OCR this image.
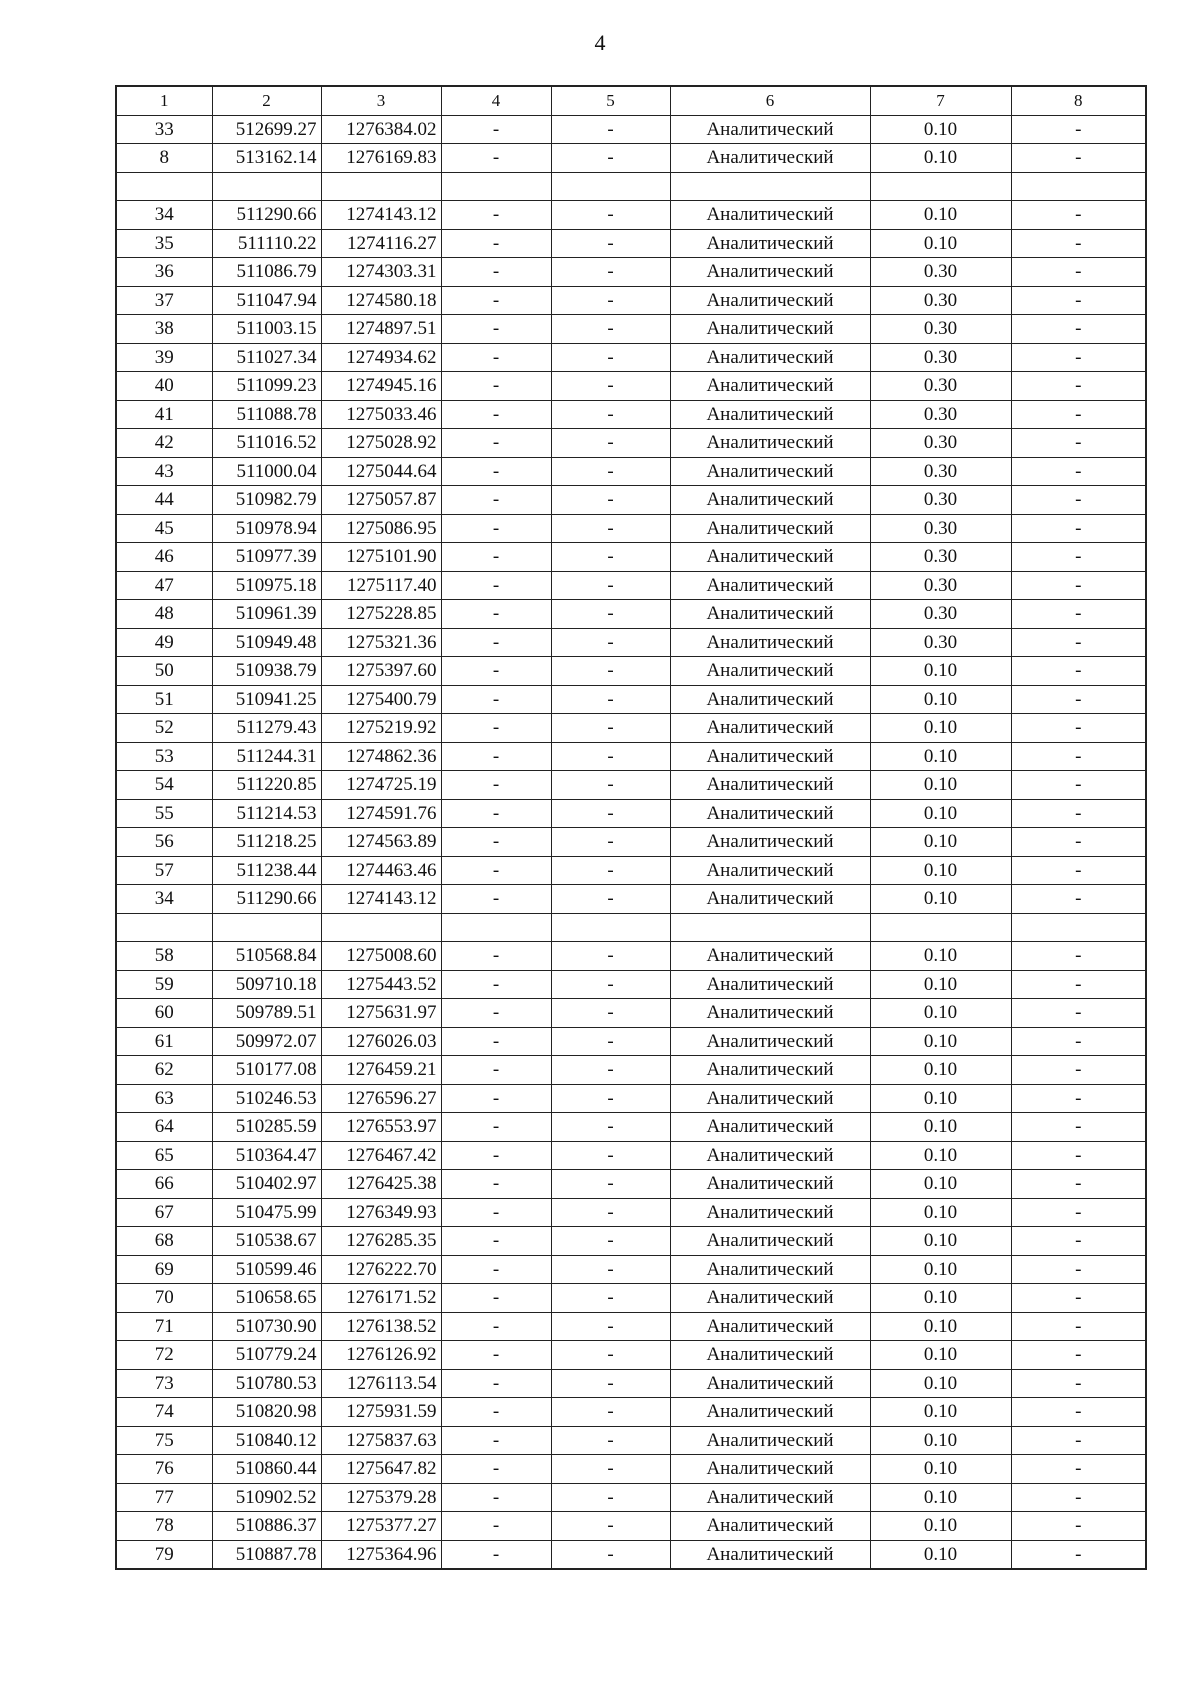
4
1	2	3	4	5	6	7	8
33	512699.27	1276384.02	-	-	Аналитический	0.10	-
8	513162.14	1276169.83	-	-	Аналитический	0.10	-

34	511290.66	1274143.12	-	-	Аналитический	0.10	-
35	511110.22	1274116.27	-	-	Аналитический	0.10	-
36	511086.79	1274303.31	-	-	Аналитический	0.30	-
37	511047.94	1274580.18	-	-	Аналитический	0.30	-
38	511003.15	1274897.51	-	-	Аналитический	0.30	-
39	511027.34	1274934.62	-	-	Аналитический	0.30	-
40	511099.23	1274945.16	-	-	Аналитический	0.30	-
41	511088.78	1275033.46	-	-	Аналитический	0.30	-
42	511016.52	1275028.92	-	-	Аналитический	0.30	-
43	511000.04	1275044.64	-	-	Аналитический	0.30	-
44	510982.79	1275057.87	-	-	Аналитический	0.30	-
45	510978.94	1275086.95	-	-	Аналитический	0.30	-
46	510977.39	1275101.90	-	-	Аналитический	0.30	-
47	510975.18	1275117.40	-	-	Аналитический	0.30	-
48	510961.39	1275228.85	-	-	Аналитический	0.30	-
49	510949.48	1275321.36	-	-	Аналитический	0.30	-
50	510938.79	1275397.60	-	-	Аналитический	0.10	-
51	510941.25	1275400.79	-	-	Аналитический	0.10	-
52	511279.43	1275219.92	-	-	Аналитический	0.10	-
53	511244.31	1274862.36	-	-	Аналитический	0.10	-
54	511220.85	1274725.19	-	-	Аналитический	0.10	-
55	511214.53	1274591.76	-	-	Аналитический	0.10	-
56	511218.25	1274563.89	-	-	Аналитический	0.10	-
57	511238.44	1274463.46	-	-	Аналитический	0.10	-
34	511290.66	1274143.12	-	-	Аналитический	0.10	-

58	510568.84	1275008.60	-	-	Аналитический	0.10	-
59	509710.18	1275443.52	-	-	Аналитический	0.10	-
60	509789.51	1275631.97	-	-	Аналитический	0.10	-
61	509972.07	1276026.03	-	-	Аналитический	0.10	-
62	510177.08	1276459.21	-	-	Аналитический	0.10	-
63	510246.53	1276596.27	-	-	Аналитический	0.10	-
64	510285.59	1276553.97	-	-	Аналитический	0.10	-
65	510364.47	1276467.42	-	-	Аналитический	0.10	-
66	510402.97	1276425.38	-	-	Аналитический	0.10	-
67	510475.99	1276349.93	-	-	Аналитический	0.10	-
68	510538.67	1276285.35	-	-	Аналитический	0.10	-
69	510599.46	1276222.70	-	-	Аналитический	0.10	-
70	510658.65	1276171.52	-	-	Аналитический	0.10	-
71	510730.90	1276138.52	-	-	Аналитический	0.10	-
72	510779.24	1276126.92	-	-	Аналитический	0.10	-
73	510780.53	1276113.54	-	-	Аналитический	0.10	-
74	510820.98	1275931.59	-	-	Аналитический	0.10	-
75	510840.12	1275837.63	-	-	Аналитический	0.10	-
76	510860.44	1275647.82	-	-	Аналитический	0.10	-
77	510902.52	1275379.28	-	-	Аналитический	0.10	-
78	510886.37	1275377.27	-	-	Аналитический	0.10	-
79	510887.78	1275364.96	-	-	Аналитический	0.10	-
